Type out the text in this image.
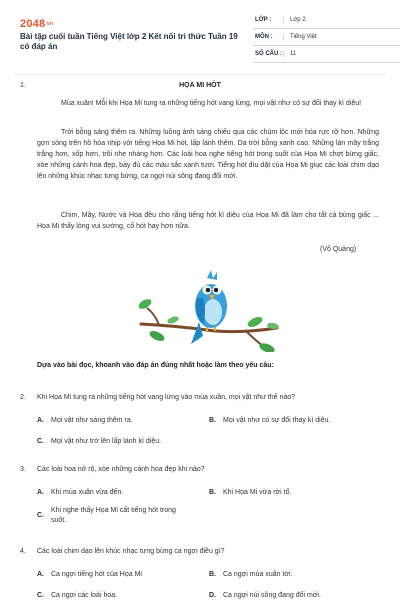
2048.vn
Bài tập cuối tuần Tiếng Việt lớp 2 Kết nối tri thức Tuần 19 có đáp án
LỚP :	Lớp 2
MÔN :	Tiếng Việt
SỐ CÂU :	11
1.	HỌA MI HÓT
Mùa xuân! Mỗi khi Họa Mi tung ra những tiếng hót vang lừng, mọi vật như có sự đổi thay kì diệu!
Trời bỗng sáng thêm ra. Những luồng ánh sáng chiếu qua các chùm lộc mới hóa rực rỡ hơn. Những gợn sóng trên hồ hòa nhịp với tiếng Họa Mi hót, lấp lánh thêm. Da trời bỗng xanh cao. Những làn mây trắng trắng hơn, xốp hơn, trôi nhẹ nhàng hơn. Các loài hoa nghe tiếng hót trong suốt của Họa Mi chợt bừng giấc, xòe những cánh hoa đẹp, bày đủ các màu sắc xanh tươi. Tiếng hót dìu dặt của Họa Mi giục các loài chim dạo lên những khúc nhạc tưng bừng, ca ngợi núi sông đang đổi mới.
Chim, Mây, Nước và Hoa đều cho rằng tiếng hót kì diệu của Họa Mi đã làm cho tất cả bừng giấc ... Họa Mi thấy lòng vui sướng, cố hót hay hơn nữa.
(Võ Quảng)
Dựa vào bài đọc, khoanh vào đáp án đúng nhất hoặc làm theo yêu cầu:
2. Khi Họa Mi tung ra những tiếng hót vang lừng vào mùa xuân, mọi vật như thế nào?
A. Mọi vật như sáng thêm ra.	B. Mọi vật như có sự đổi thay kì diệu.
C. Mọi vật như trở lên lấp lánh kì diệu.
3. Các loài hoa nở rộ, xòe những cánh hoa đẹp khi nào?
A. Khi mùa xuân vừa đến.	B. Khi Họa Mi vừa rời tổ.
C.
Khi nghe thấy Họa Mi cất tiếng hót trong suốt.
4. Các loài chim dạo lên khúc nhạc tưng bừng ca ngợi điều gì?
A. Ca ngợi tiếng hót của Họa Mi	B. Ca ngợi mùa xuân tới.
C. Ca ngợi các loài hoa.	D. Ca ngợi núi sông đang đổi mới.
